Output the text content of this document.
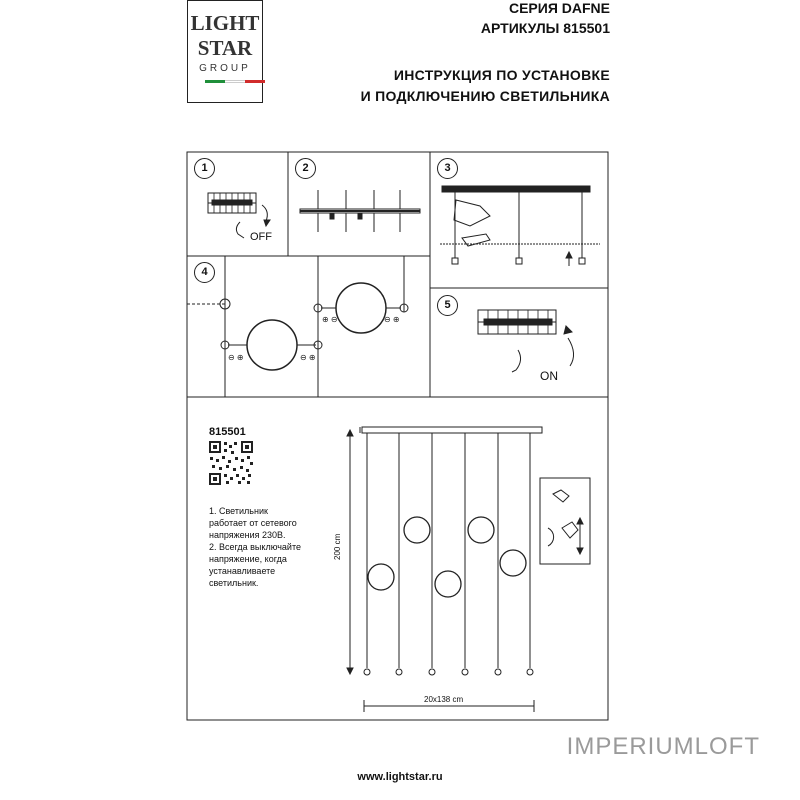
LIGHT
STAR
GROUP
СЕРИЯ DAFNE
АРТИКУЛЫ 815501
ИНСТРУКЦИЯ ПО УСТАНОВКЕ
И ПОДКЛЮЧЕНИЮ СВЕТИЛЬНИКА
⊖ ⊕	⊖ ⊕
⊕ ⊖	⊖ ⊕
1	2	3
4
5
OFF
ON
815501
1. Светильник
работает от сетевого
напряжения 230В.
2. Всегда выключайте
напряжение, когда
устанавливаете
светильник.
200 cm
20x138 cm
IMPERIUMLOFT
www.lightstar.ru
